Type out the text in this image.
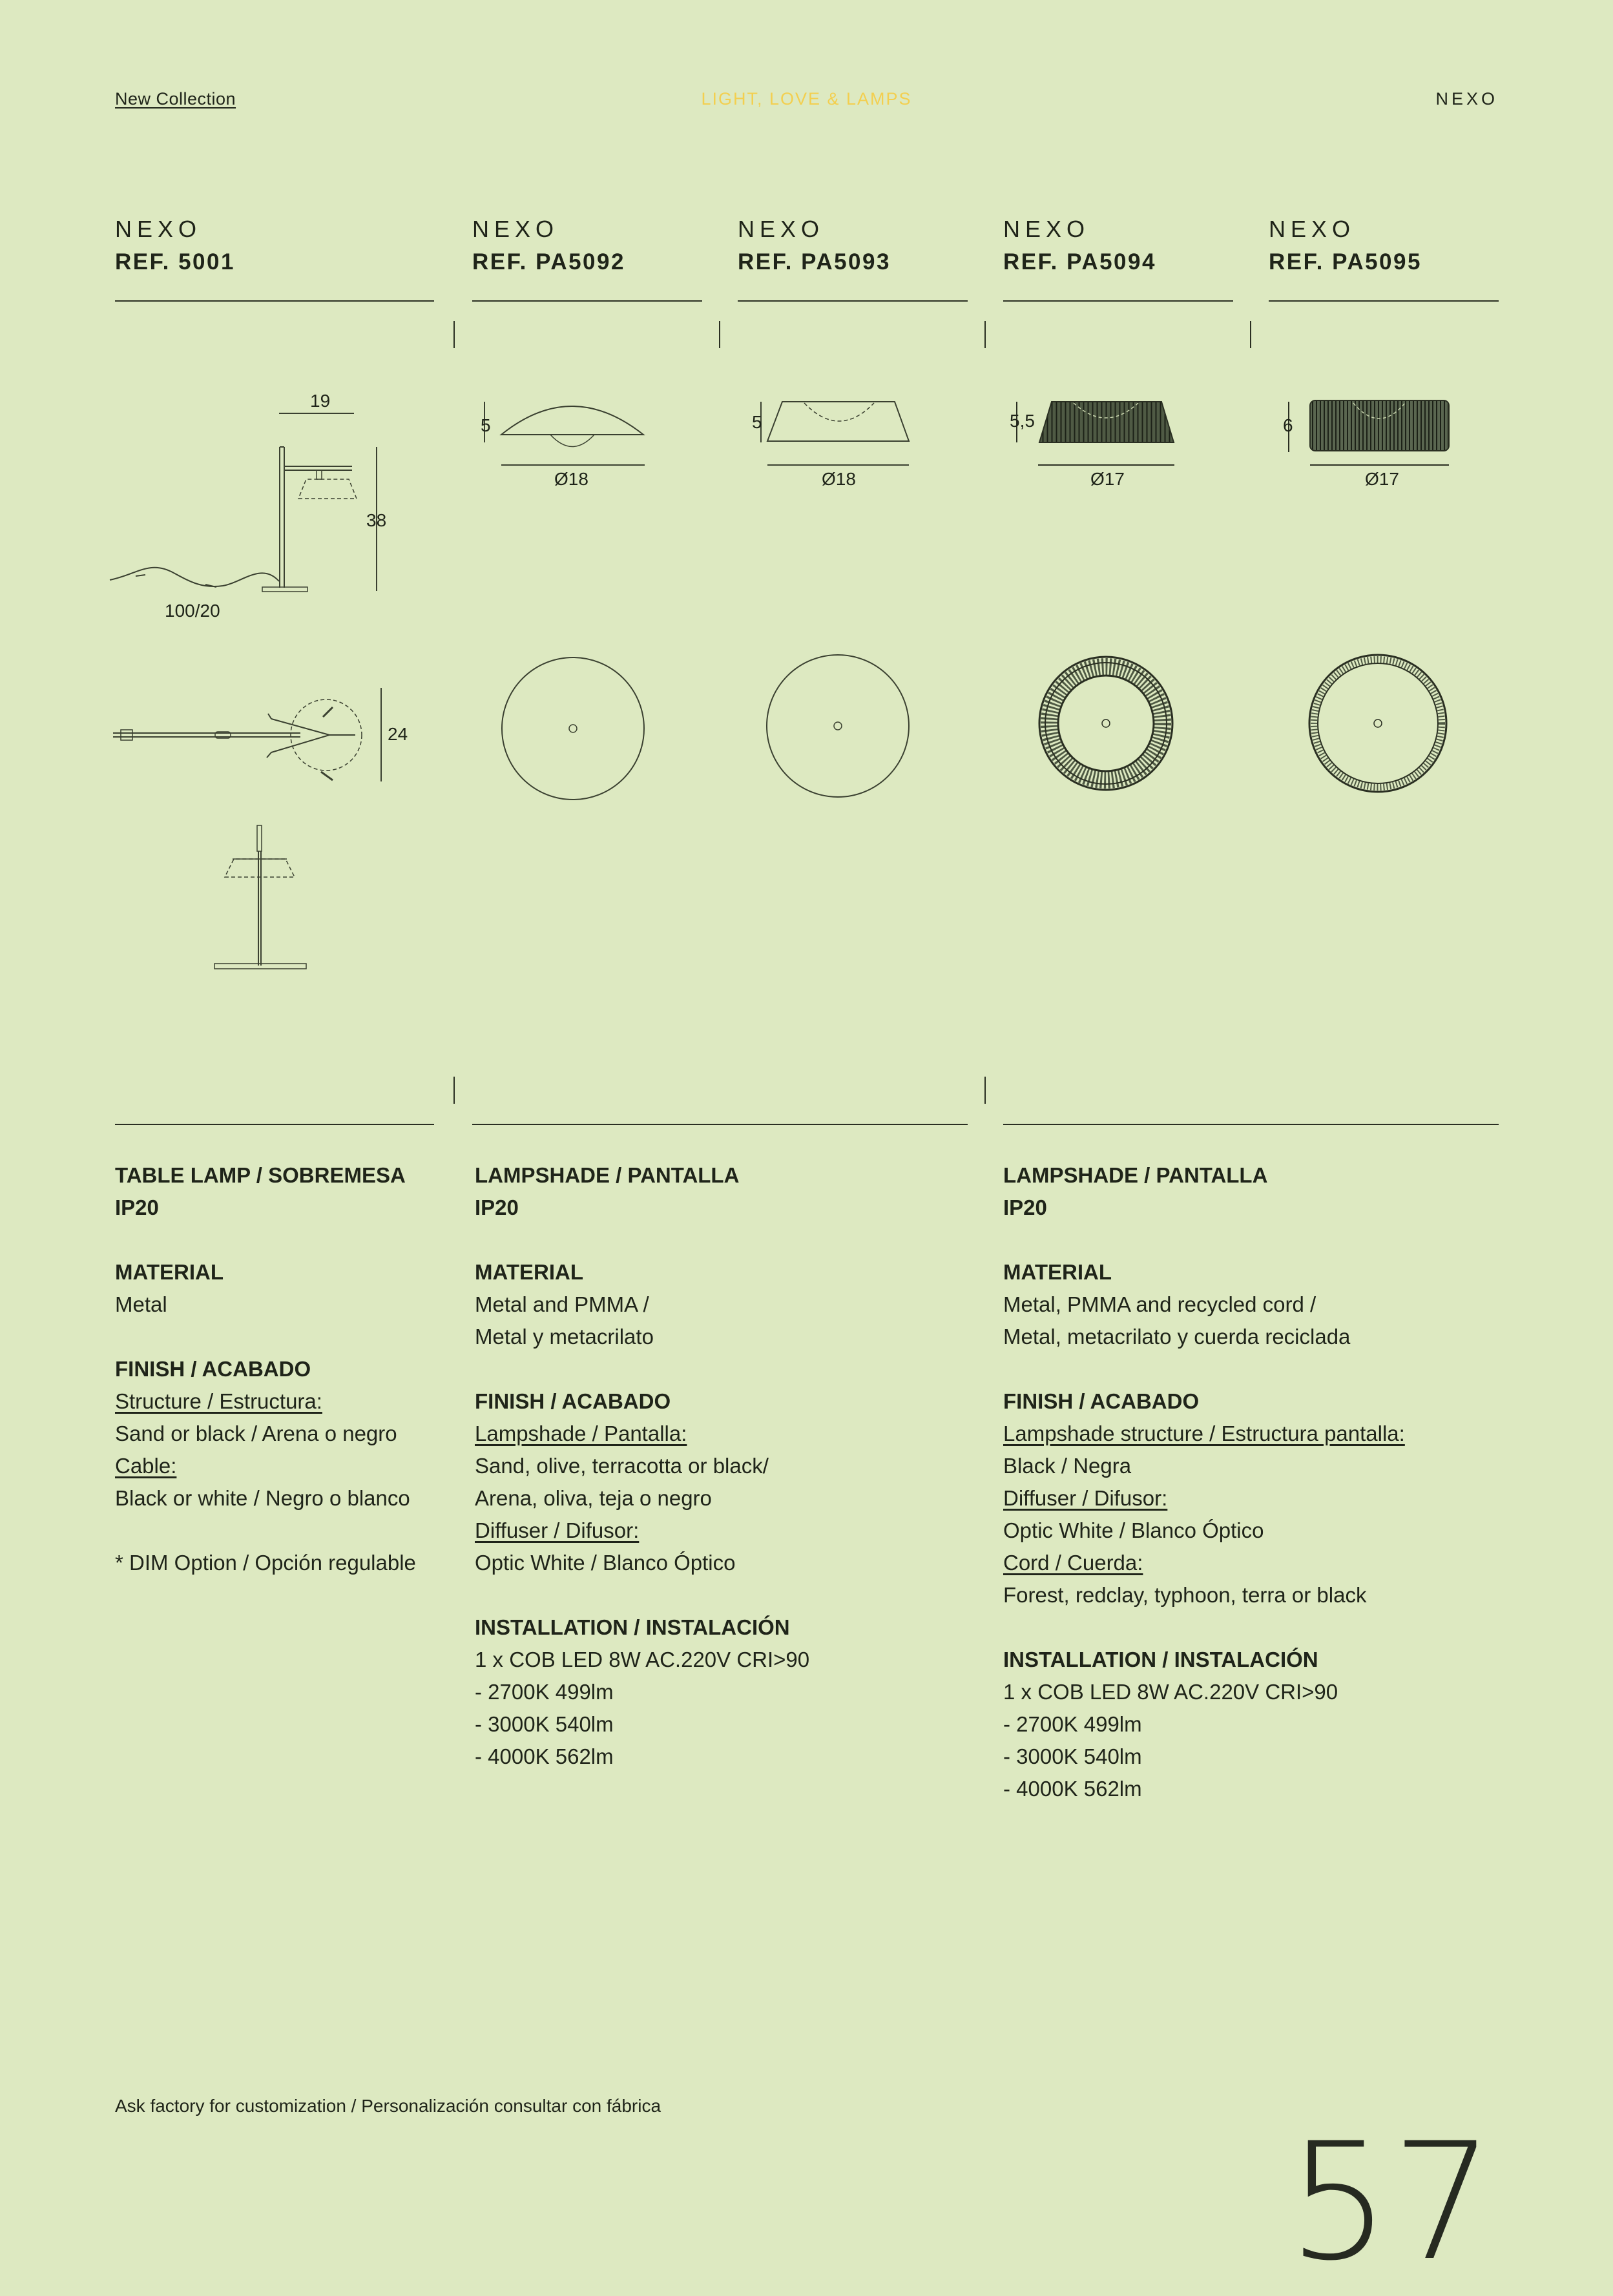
New Collection	LIGHT, LOVE & LAMPS	NEXO
NEXO
REF. 5001
NEXO
REF. PA5092
NEXO
REF. PA5093
NEXO
REF. PA5094
NEXO
REF. PA5095
19
38
100/20
24
5
Ø18
5
Ø18
5,5
Ø17
6
Ø17
TABLE LAMP / SOBREMESA
IP20
MATERIAL
Metal
FINISH / ACABADO
Structure / Estructura:
Sand or black / Arena o negro
Cable:
Black or white / Negro o blanco
* DIM Option / Opción regulable
LAMPSHADE / PANTALLA
IP20
MATERIAL
Metal and PMMA /
Metal y metacrilato
FINISH / ACABADO
Lampshade / Pantalla:
Sand, olive, terracotta or black/
Arena, oliva, teja o negro
Diffuser / Difusor:
Optic White / Blanco Óptico
INSTALLATION / INSTALACIÓN
1 x COB LED 8W AC.220V CRI>90
- 2700K 499lm
- 3000K 540lm
- 4000K 562lm
LAMPSHADE / PANTALLA
IP20
MATERIAL
Metal, PMMA and recycled cord /
Metal, metacrilato y cuerda reciclada
FINISH / ACABADO
Lampshade structure / Estructura pantalla:
Black / Negra
Diffuser / Difusor:
Optic White / Blanco Óptico
Cord / Cuerda:
Forest, redclay, typhoon, terra or black
INSTALLATION / INSTALACIÓN
1 x COB LED 8W AC.220V CRI>90
- 2700K 499lm
- 3000K 540lm
- 4000K 562lm
Ask factory for customization / Personalización consultar con fábrica
57
